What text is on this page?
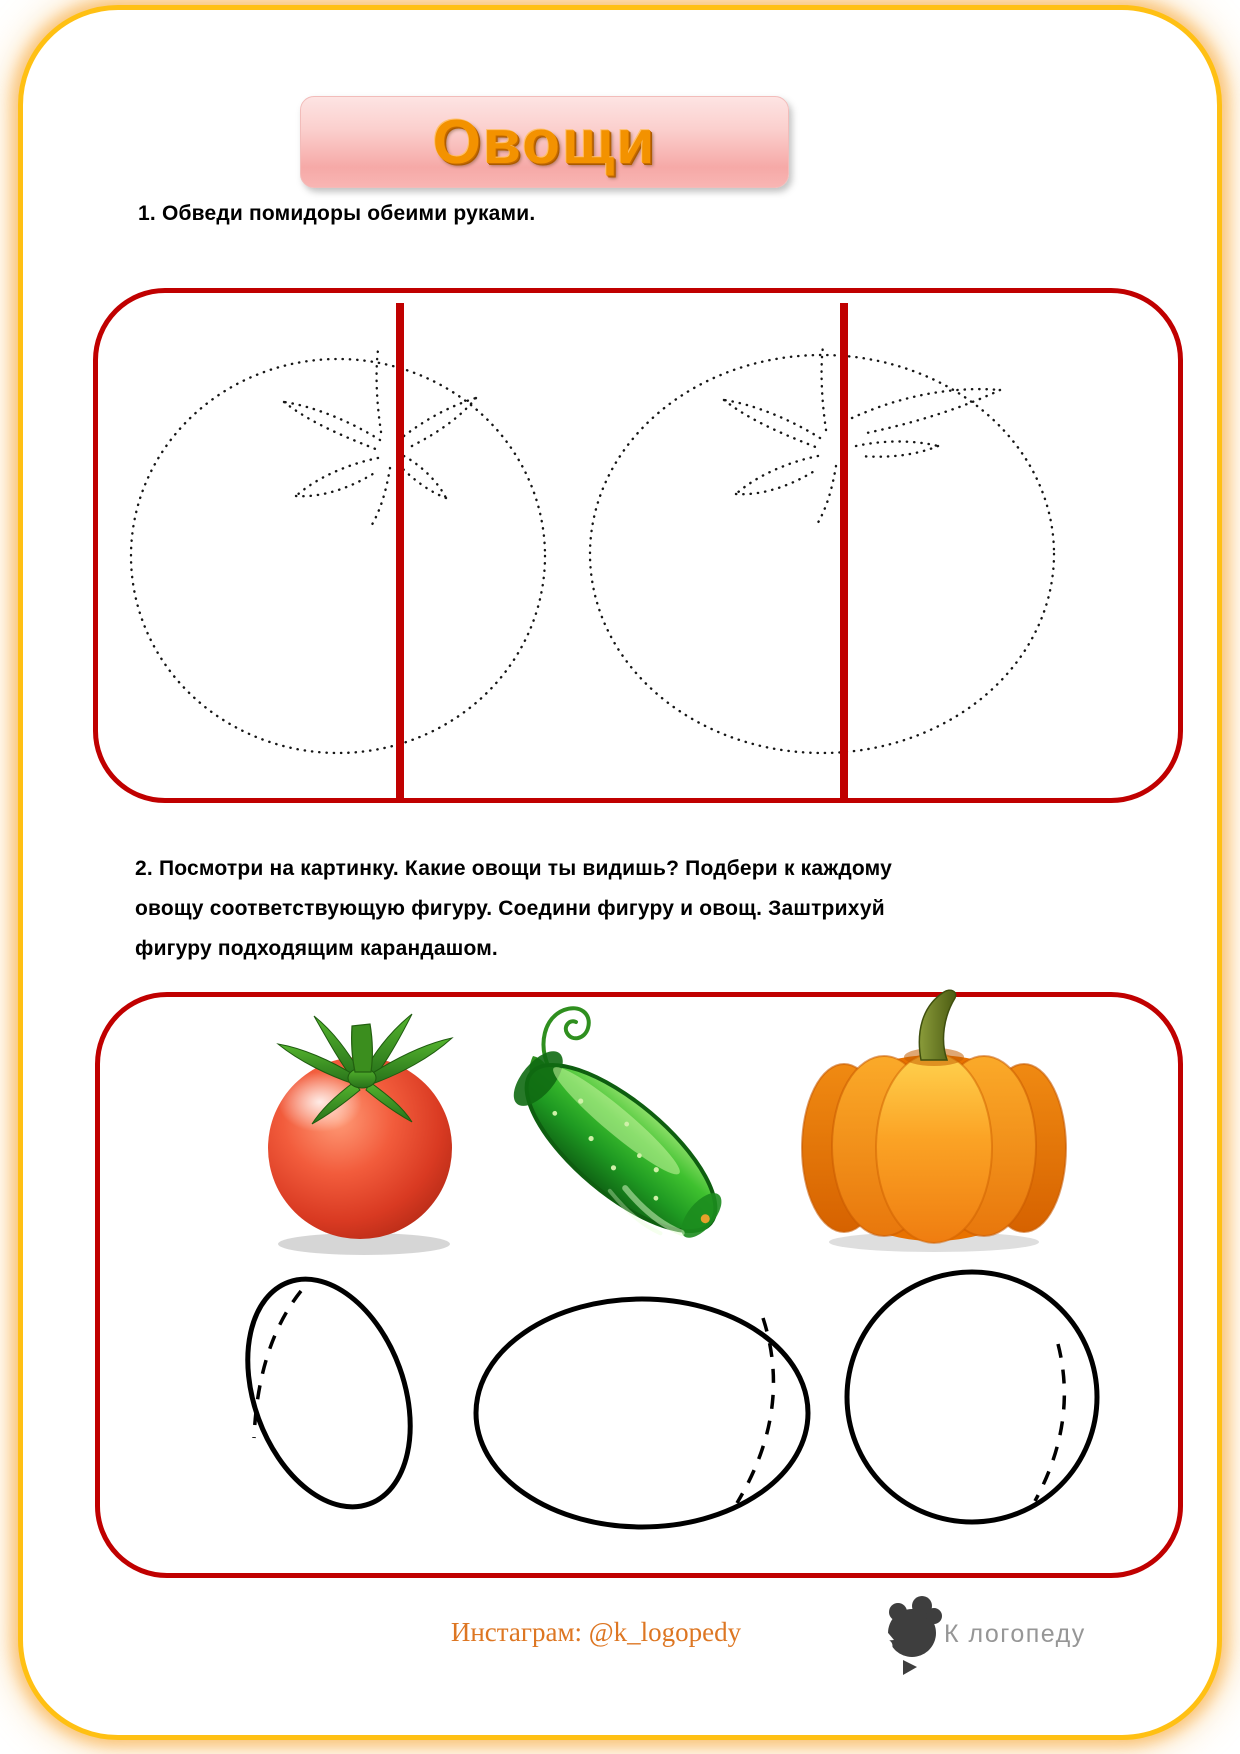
Овощи
1. Обведи помидоры обеими руками.
2. Посмотри на картинку. Какие овощи ты видишь? Подбери к каждому
овощу соответствующую фигуру. Соедини фигуру и овощ. Заштрихуй
фигуру подходящим карандашом.
Инстаграм: @k_logopedy	К логопеду
